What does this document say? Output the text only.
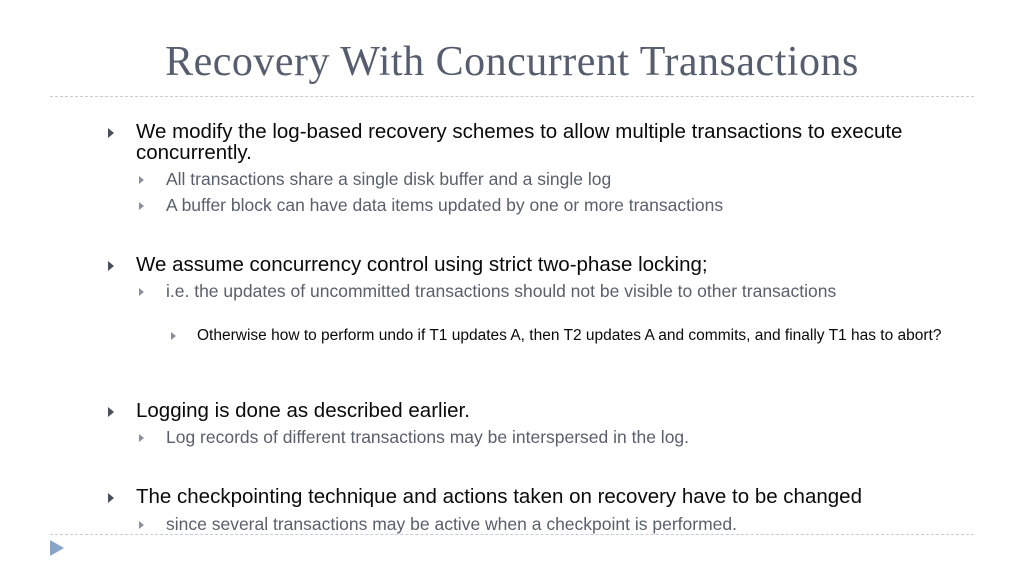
Recovery With Concurrent Transactions
We modify the log-based recovery schemes to allow multiple transactions to execute concurrently.
All transactions share a single disk buffer and a single log
A buffer block can have data items updated by one or more transactions
We assume concurrency control using strict two-phase locking;
i.e. the updates of uncommitted transactions should not be visible to other transactions
Otherwise how to perform undo if T1 updates A, then T2 updates A and commits, and finally T1 has to abort?
Logging is done as described earlier.
Log records of different transactions may be interspersed in the log.
The checkpointing technique and actions taken on recovery have to be changed
since several transactions may be active when a checkpoint is performed.
